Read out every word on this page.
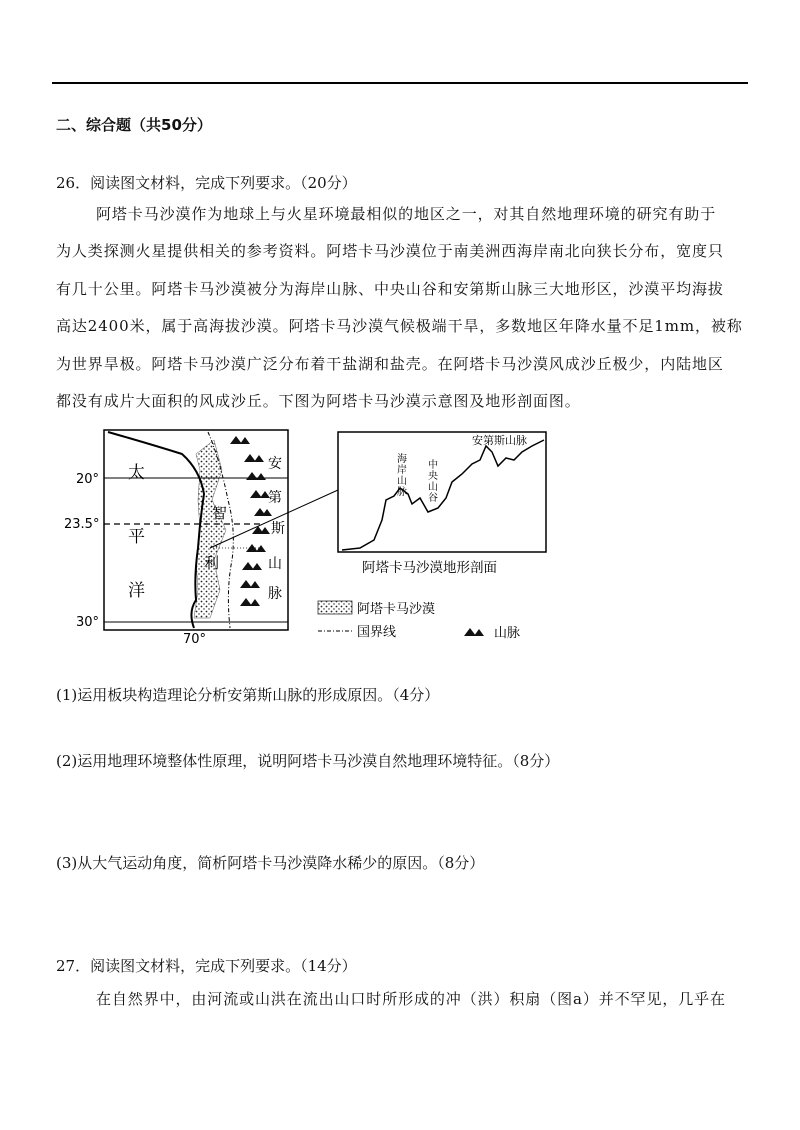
二、综合题（共50分）
26．阅读图文材料，完成下列要求。（20分）
阿塔卡马沙漠作为地球上与火星环境最相似的地区之一，对其自然地理环境的研究有助于
为人类探测火星提供相关的参考资料。阿塔卡马沙漠位于南美洲西海岸南北向狭长分布，宽度只
有几十公里。阿塔卡马沙漠被分为海岸山脉、中央山谷和安第斯山脉三大地形区，沙漠平均海拔
高达2400米，属于高海拔沙漠。阿塔卡马沙漠气候极端干旱，多数地区年降水量不足1mm，被称
为世界旱极。阿塔卡马沙漠广泛分布着干盐湖和盐壳。在阿塔卡马沙漠风成沙丘极少，内陆地区
都没有成片大面积的风成沙丘。下图为阿塔卡马沙漠示意图及地形剖面图。
20°
23.5°
30°
70°
太
平
洋
智
利
安
第
斯
山
脉
海
岸
山
脉
中
央
山
谷
安第斯山脉
阿塔卡马沙漠地形剖面
阿塔卡马沙漠
国界线	山脉
(1)运用板块构造理论分析安第斯山脉的形成原因。（4分）
(2)运用地理环境整体性原理，说明阿塔卡马沙漠自然地理环境特征。（8分）
(3)从大气运动角度，简析阿塔卡马沙漠降水稀少的原因。（8分）
27．阅读图文材料，完成下列要求。（14分）
在自然界中，由河流或山洪在流出山口时所形成的冲（洪）积扇（图a）并不罕见，几乎在
